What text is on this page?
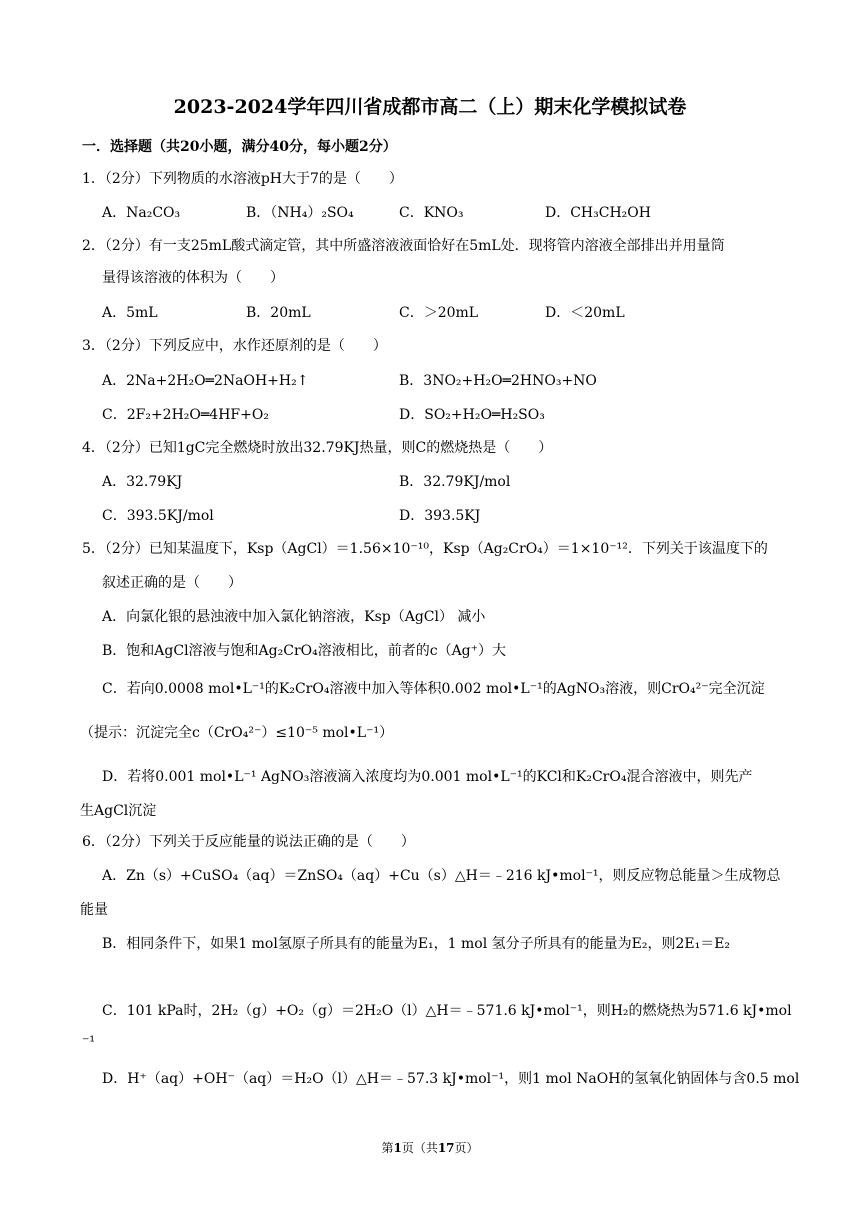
2023-2024学年四川省成都市高二（上）期末化学模拟试卷
一．选择题（共20小题，满分40分，每小题2分）
1．（2分）下列物质的水溶液pH大于7的是（　　）
A．Na₂CO₃	B．（NH₄）₂SO₄	C．KNO₃	D．CH₃CH₂OH
2．（2分）有一支25mL酸式滴定管，其中所盛溶液液面恰好在5mL处．现将管内溶液全部排出并用量筒
量得该溶液的体积为（　　）
A．5mL	B．20mL	C．＞20mL	D．＜20mL
3．（2分）下列反应中，水作还原剂的是（　　）
A．2Na+2H₂O═2NaOH+H₂↑	B．3NO₂+H₂O═2HNO₃+NO
C．2F₂+2H₂O═4HF+O₂	D．SO₂+H₂O═H₂SO₃
4．（2分）已知1gC完全燃烧时放出32.79KJ热量，则C的燃烧热是（　　）
A．32.79KJ	B．32.79KJ/mol
C．393.5KJ/mol	D．393.5KJ
5．（2分）已知某温度下，Ksp（AgCl）＝1.56×10⁻¹⁰，Ksp（Ag₂CrO₄）＝1×10⁻¹²．下列关于该温度下的
叙述正确的是（　　）
A．向氯化银的悬浊液中加入氯化钠溶液，Ksp（AgCl） 减小
B．饱和AgCl溶液与饱和Ag₂CrO₄溶液相比，前者的c（Ag⁺）大
C．若向0.0008 mol•L⁻¹的K₂CrO₄溶液中加入等体积0.002 mol•L⁻¹的AgNO₃溶液，则CrO₄²⁻完全沉淀
（提示：沉淀完全c（CrO₄²⁻）≤10⁻⁵ mol•L⁻¹）
D．若将0.001 mol•L⁻¹ AgNO₃溶液滴入浓度均为0.001 mol•L⁻¹的KCl和K₂CrO₄混合溶液中，则先产
生AgCl沉淀
6．（2分）下列关于反应能量的说法正确的是（　　）
A．Zn（s）+CuSO₄（aq）＝ZnSO₄（aq）+Cu（s）△H＝﹣216 kJ•mol⁻¹，则反应物总能量＞生成物总
能量
B．相同条件下，如果1 mol氢原子所具有的能量为E₁，1 mol 氢分子所具有的能量为E₂，则2E₁＝E₂
C．101 kPa时，2H₂（g）+O₂（g）＝2H₂O（l）△H＝﹣571.6 kJ•mol⁻¹，则H₂的燃烧热为571.6 kJ•mol
⁻¹
D．H⁺（aq）+OH⁻（aq）＝H₂O（l）△H＝﹣57.3 kJ•mol⁻¹，则1 mol NaOH的氢氧化钠固体与含0.5 mol
第1页（共17页）
